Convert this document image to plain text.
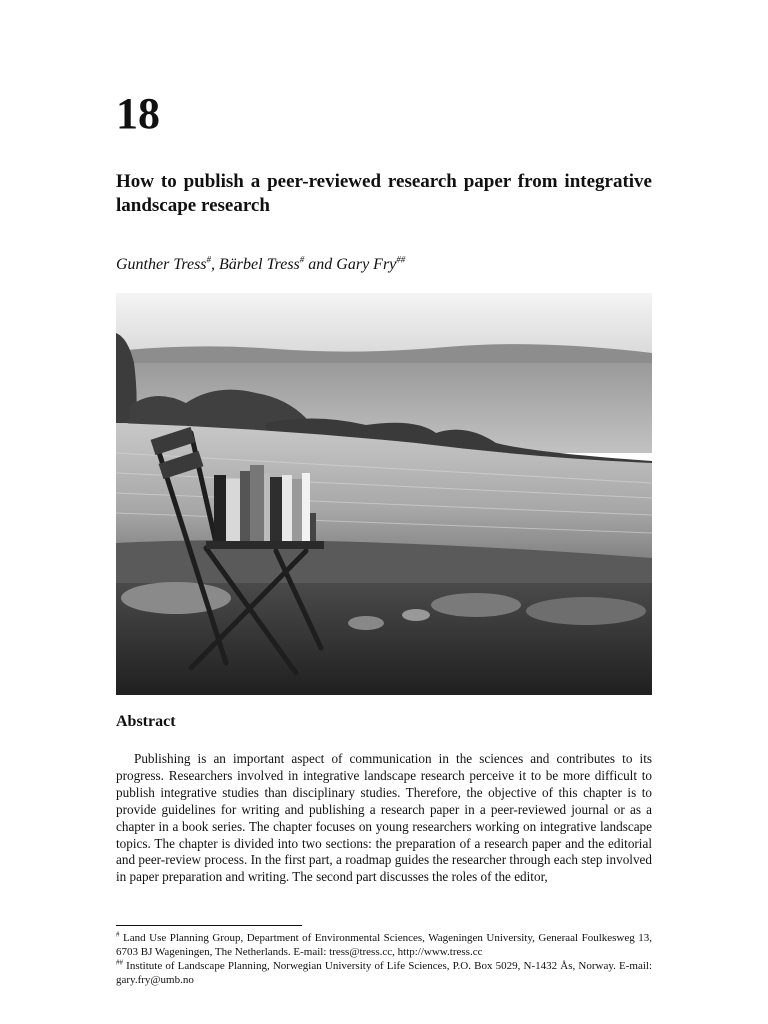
18
How to publish a peer-reviewed research paper from integrative landscape research
Gunther Tress#, Bärbel Tress# and Gary Fry##
Abstract

Publishing is an important aspect of communication in the sciences and contributes to its progress. Researchers involved in integrative landscape research perceive it to be more difficult to publish integrative studies than disciplinary studies. Therefore, the objective of this chapter is to provide guidelines for writing and publishing a research paper in a peer-reviewed journal or as a chapter in a book series. The chapter focuses on young researchers working on integrative landscape topics. The chapter is divided into two sections: the preparation of a research paper and the editorial and peer-review process. In the first part, a roadmap guides the researcher through each step involved in paper preparation and writing. The second part discusses the roles of the editor,

# Land Use Planning Group, Department of Environmental Sciences, Wageningen University, Generaal Foulkesweg 13, 6703 BJ Wageningen, The Netherlands. E-mail: tress@tress.cc, http://www.tress.cc

## Institute of Landscape Planning, Norwegian University of Life Sciences, P.O. Box 5029, N-1432 Ås, Norway. E-mail: gary.fry@umb.no
